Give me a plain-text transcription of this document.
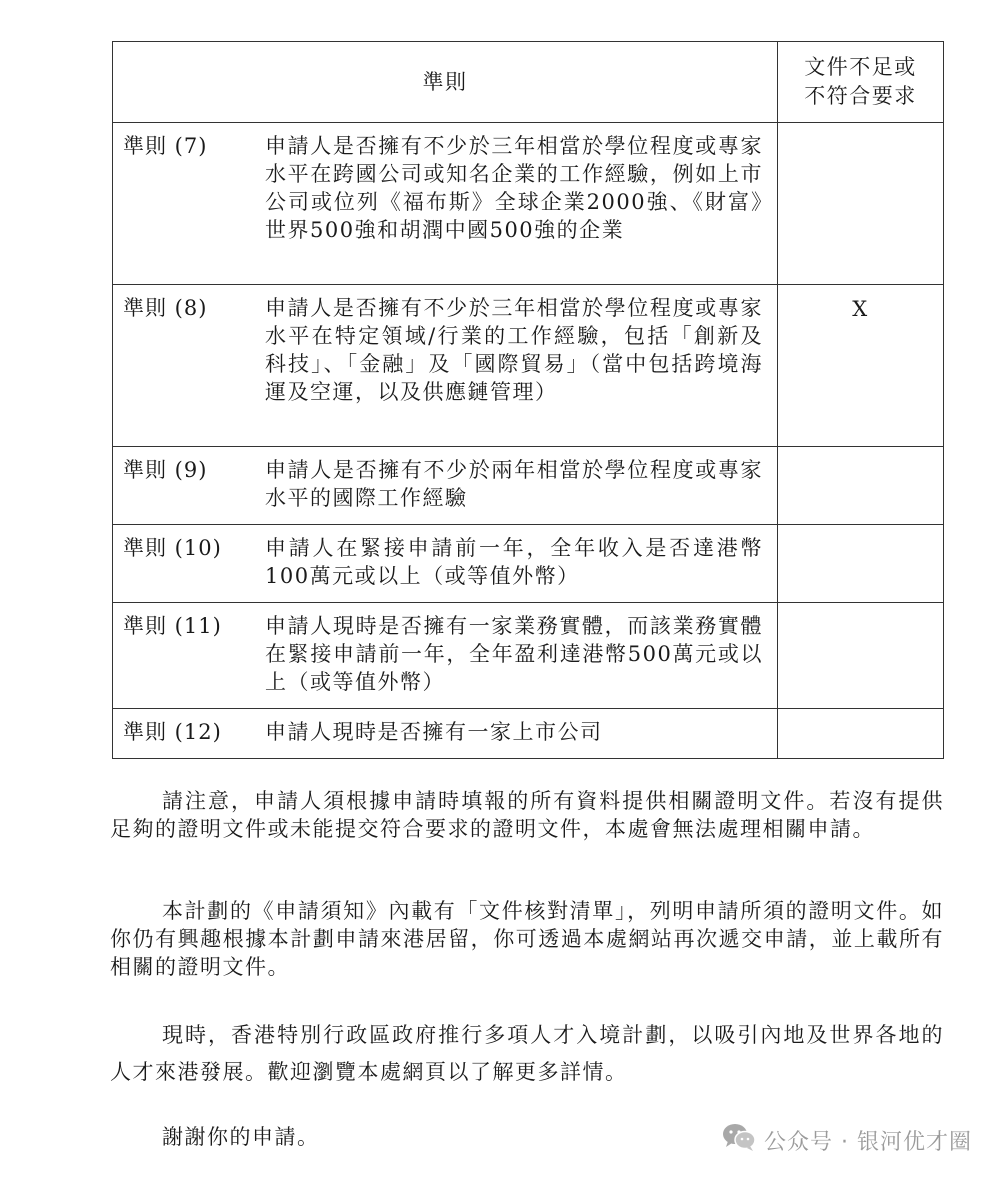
準則	文件不足或
不符合要求

準則 (7) 申請人是否擁有不少於三年相當於學位程度或專家水平在跨國公司或知名企業的工作經驗，例如上市公司或位列《福布斯》全球企業2000強、《財富》世界500強和胡潤中國500強的企業	

準則 (8) 申請人是否擁有不少於三年相當於學位程度或專家水平在特定領域/行業的工作經驗，包括「創新及科技」、「金融」及「國際貿易」（當中包括跨境海運及空運，以及供應鏈管理）	X

準則 (9) 申請人是否擁有不少於兩年相當於學位程度或專家水平的國際工作經驗	

準則 (10) 申請人在緊接申請前一年，全年收入是否達港幣100萬元或以上（或等值外幣）	

準則 (11) 申請人現時是否擁有一家業務實體，而該業務實體在緊接申請前一年，全年盈利達港幣500萬元或以上（或等值外幣）	

準則 (12) 申請人現時是否擁有一家上市公司	

請注意，申請人須根據申請時填報的所有資料提供相關證明文件。若沒有提供足夠的證明文件或未能提交符合要求的證明文件，本處會無法處理相關申請。

本計劃的《申請須知》內載有「文件核對清單」，列明申請所須的證明文件。如你仍有興趣根據本計劃申請來港居留，你可透過本處網站再次遞交申請，並上載所有相關的證明文件。

現時，香港特別行政區政府推行多項人才入境計劃，以吸引內地及世界各地的人才來港發展。歡迎瀏覽本處網頁以了解更多詳情。

謝謝你的申請。	公众号 · 银河优才圈
